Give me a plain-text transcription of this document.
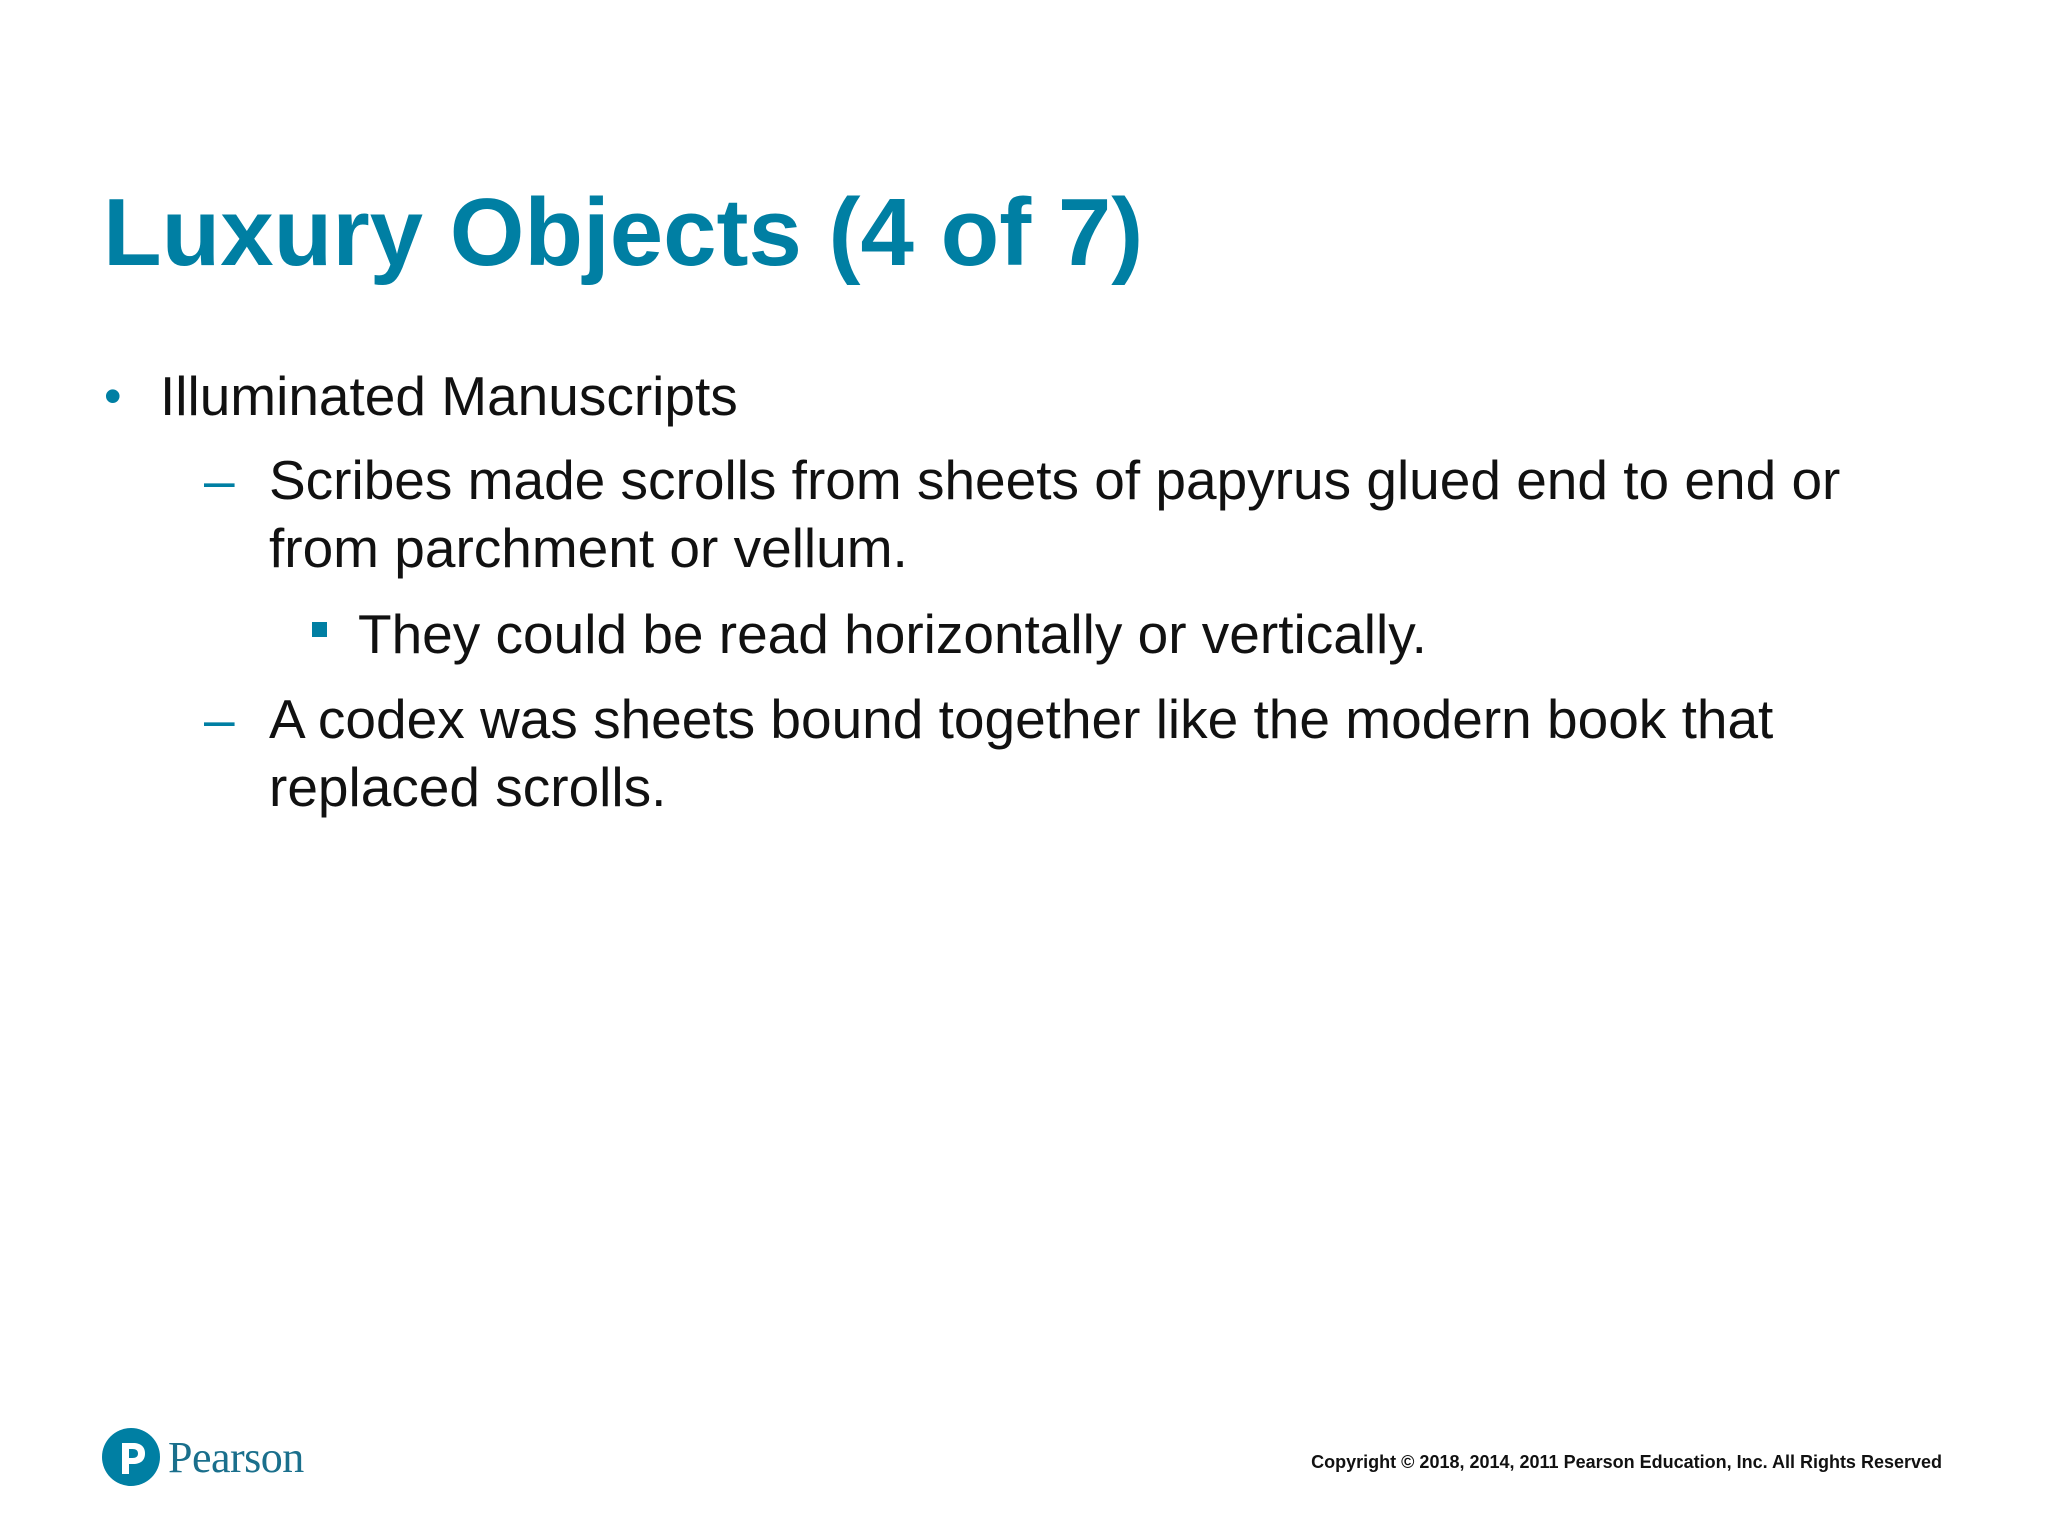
Luxury Objects (4 of 7)
• Illuminated Manuscripts
– Scribes made scrolls from sheets of papyrus glued end to end or from parchment or vellum.
They could be read horizontally or vertically.
– A codex was sheets bound together like the modern book that replaced scrolls.
Pearson	Copyright © 2018, 2014, 2011 Pearson Education, Inc. All Rights Reserved
